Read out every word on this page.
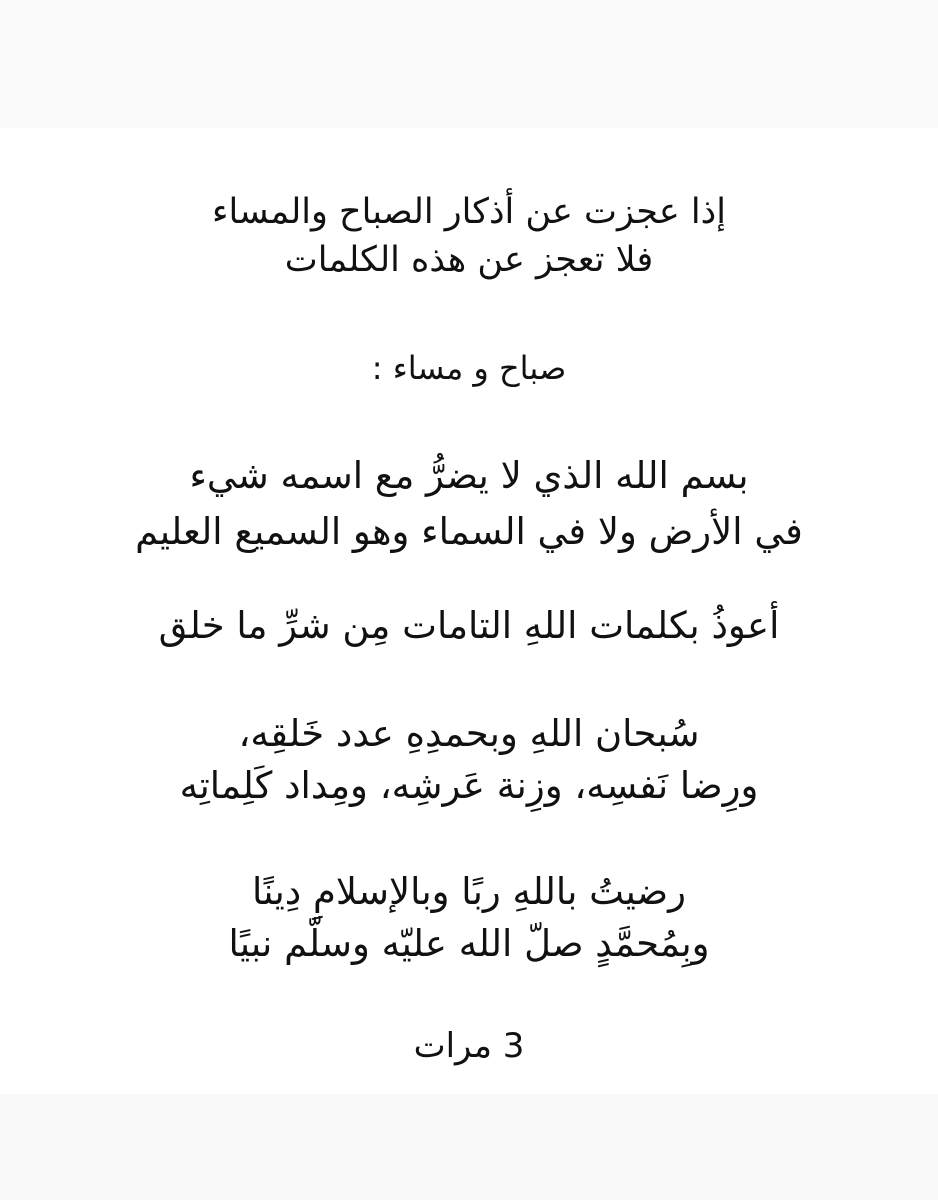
إذا عجزت عن أذكار الصباح والمساء
فلا تعجز عن هذه الكلمات
صباح و مساء :
بسم الله الذي لا يضرُّ مع اسمه شيء
في الأرض ولا في السماء وهو السميع العليم
أعوذُ بكلمات اللهِ التامات مِن شرِّ ما خلق
سُبحان اللهِ وبحمدِهِ عدد خَلقِه،
ورِضا نَفسِه، وزِنة عَرشِه، ومِداد كَلِماتِه
رضيتُ باللهِ ربًا وبالإسلامِ دِينًا
وبِمُحمَّدٍ صلّ الله عليّه وسلّم نبيًا
3 مرات
